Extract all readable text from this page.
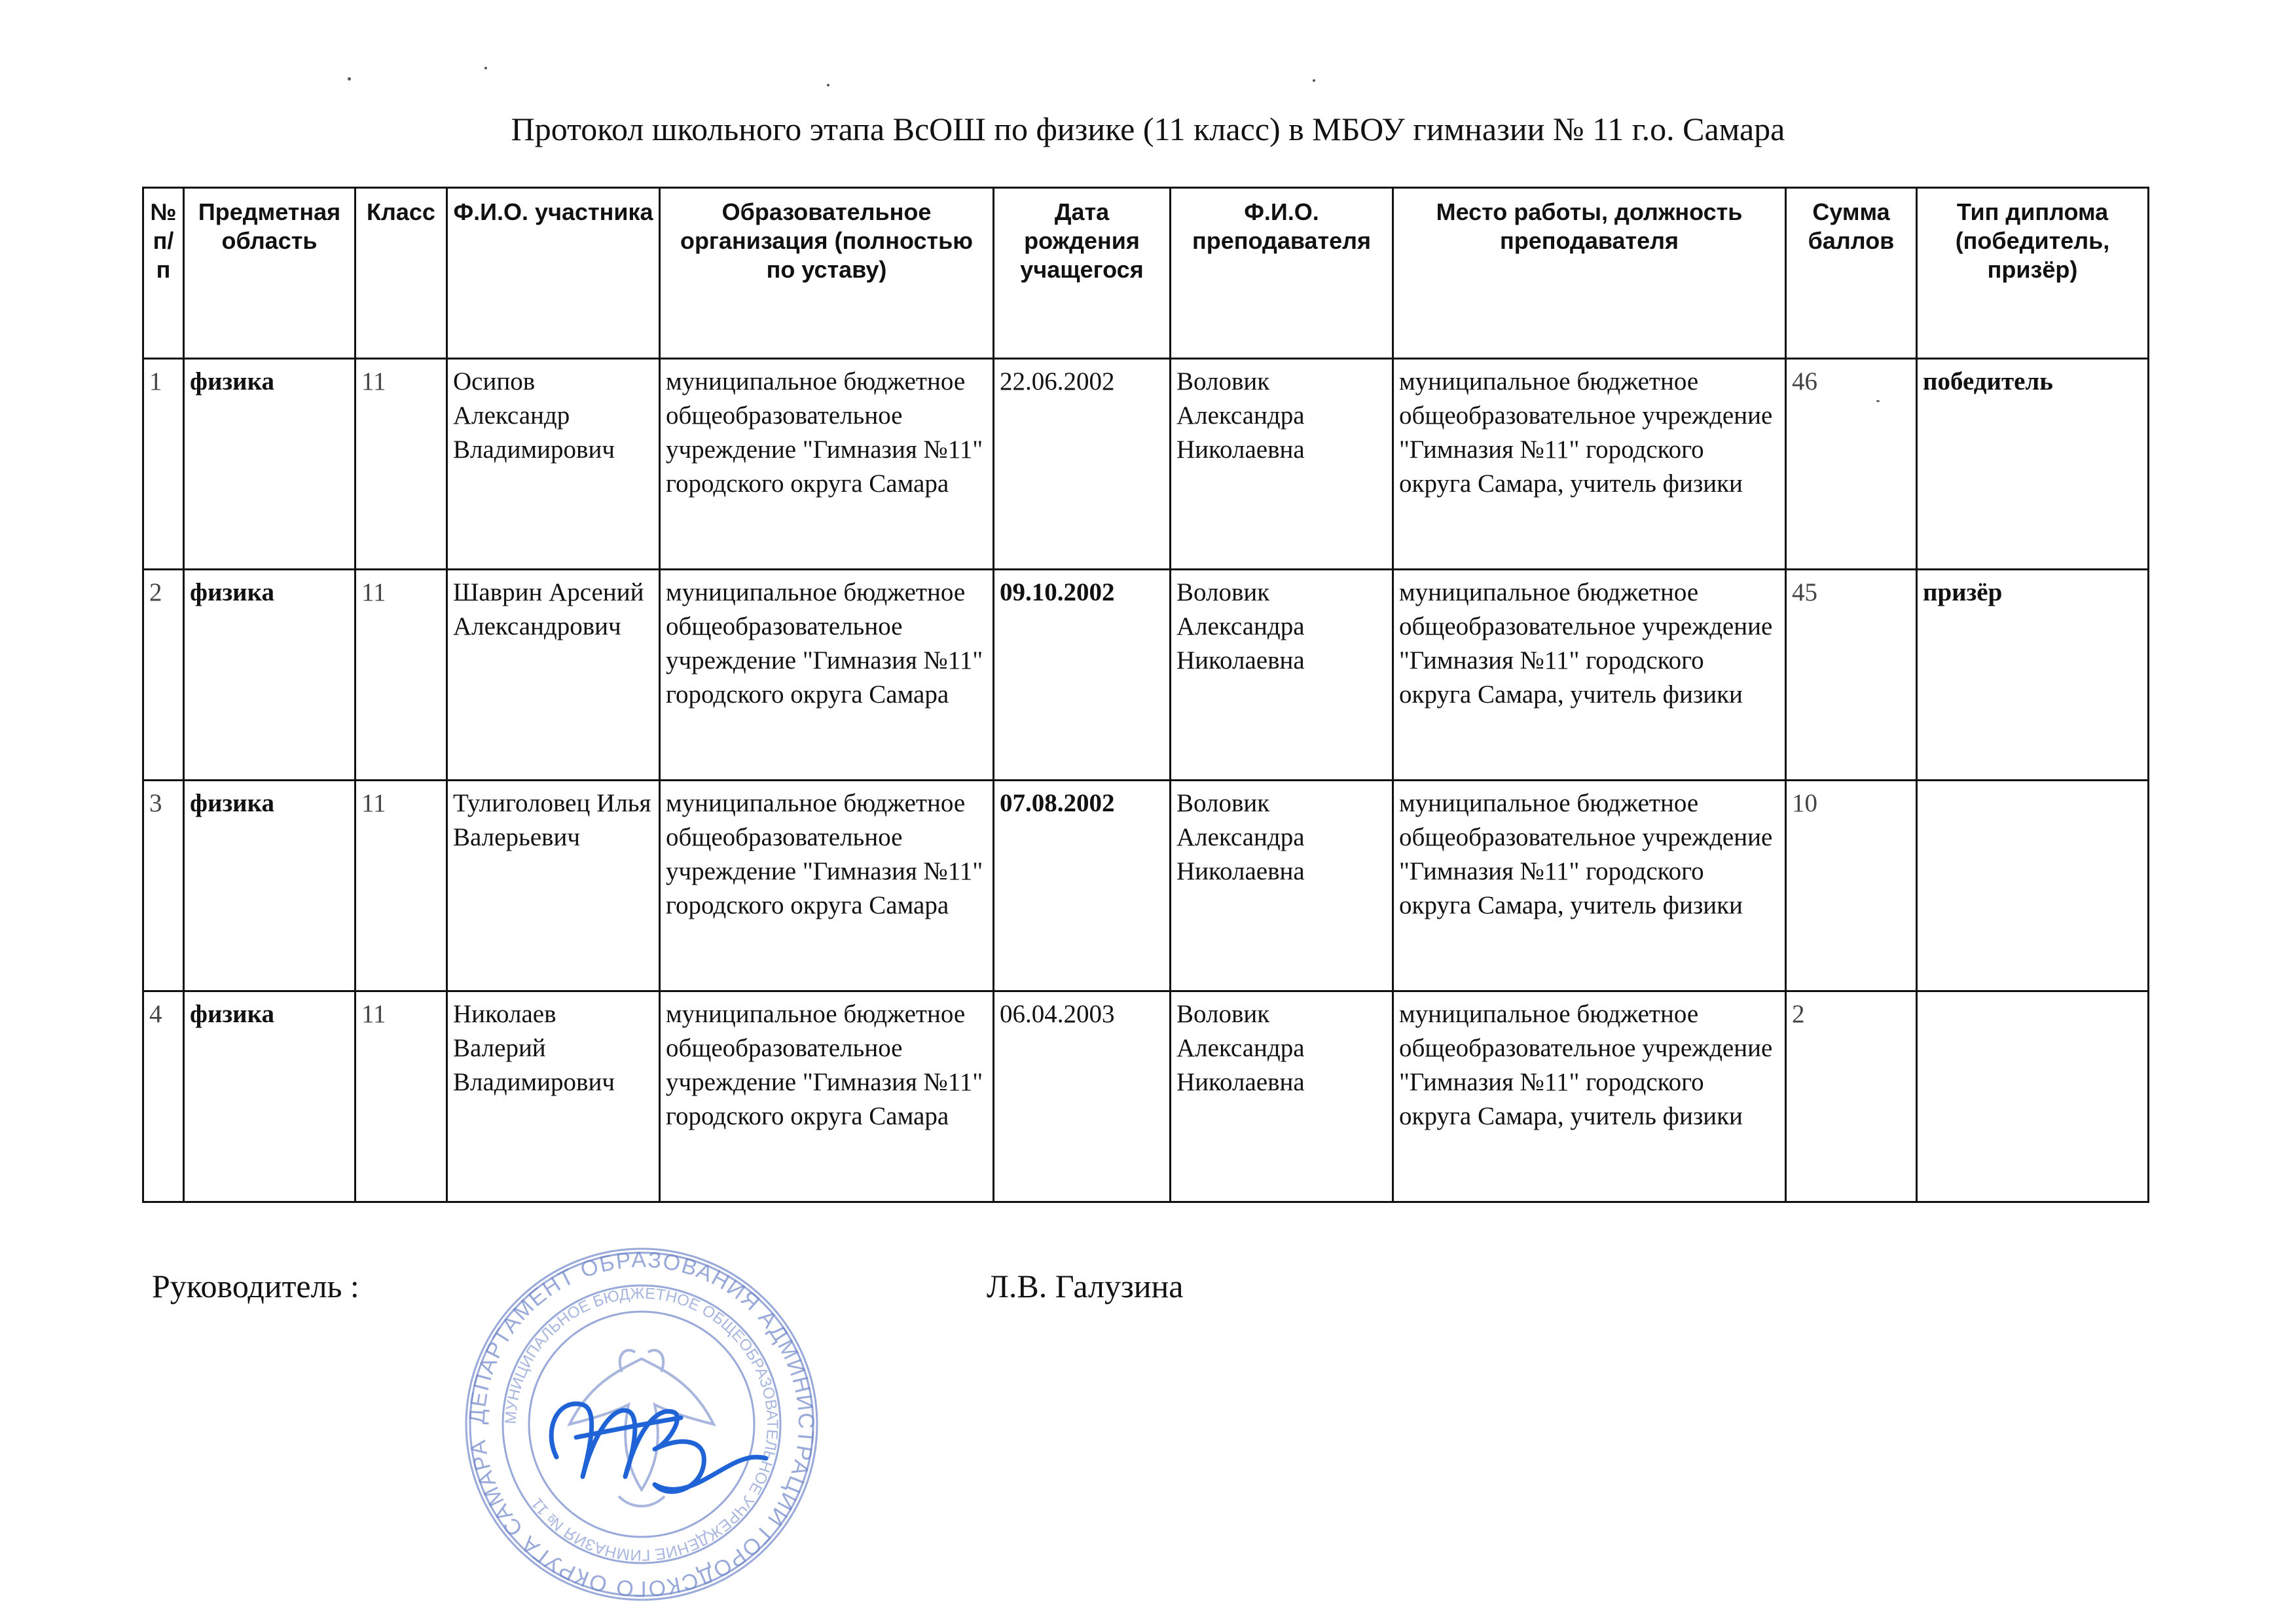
Протокол школьного этапа ВсОШ по физике (11 класс) в МБОУ гимназии № 11 г.о. Самара
№ п/п	Предметная область	Класс	Ф.И.О. участника	Образовательное организация (полностью по уставу)	Дата рождения учащегося	Ф.И.О. преподавателя	Место работы, должность преподавателя	Сумма баллов	Тип диплома (победитель, призёр)
1	физика	11	Осипов Александр Владимирович	муниципальное бюджетное общеобразовательное учреждение "Гимназия №11" городского округа Самара	22.06.2002	Воловик Александра Николаевна	муниципальное бюджетное общеобразовательное учреждение "Гимназия №11" городского округа Самара, учитель физики	46	победитель
2	физика	11	Шаврин Арсений Александрович	муниципальное бюджетное общеобразовательное учреждение "Гимназия №11" городского округа Самара	09.10.2002	Воловик Александра Николаевна	муниципальное бюджетное общеобразовательное учреждение "Гимназия №11" городского округа Самара, учитель физики	45	призёр
3	физика	11	Тулиголовец Илья Валерьевич	муниципальное бюджетное общеобразовательное учреждение "Гимназия №11" городского округа Самара	07.08.2002	Воловик Александра Николаевна	муниципальное бюджетное общеобразовательное учреждение "Гимназия №11" городского округа Самара, учитель физики	10	
4	физика	11	Николаев Валерий Владимирович	муниципальное бюджетное общеобразовательное учреждение "Гимназия №11" городского округа Самара	06.04.2003	Воловик Александра Николаевна	муниципальное бюджетное общеобразовательное учреждение "Гимназия №11" городского округа Самара, учитель физики	2	
Руководитель :	Л.В. Галузина
ДЕПАРТАМЕНТ ОБРАЗОВАНИЯ АДМИНИСТРАЦИИ ГОРОДСКОГО ОКРУГА САМАРА
МУНИЦИПАЛЬНОЕ БЮДЖЕТНОЕ ОБЩЕОБРАЗОВАТЕЛЬНОЕ УЧРЕЖДЕНИЕ ГИМНАЗИЯ № 11
